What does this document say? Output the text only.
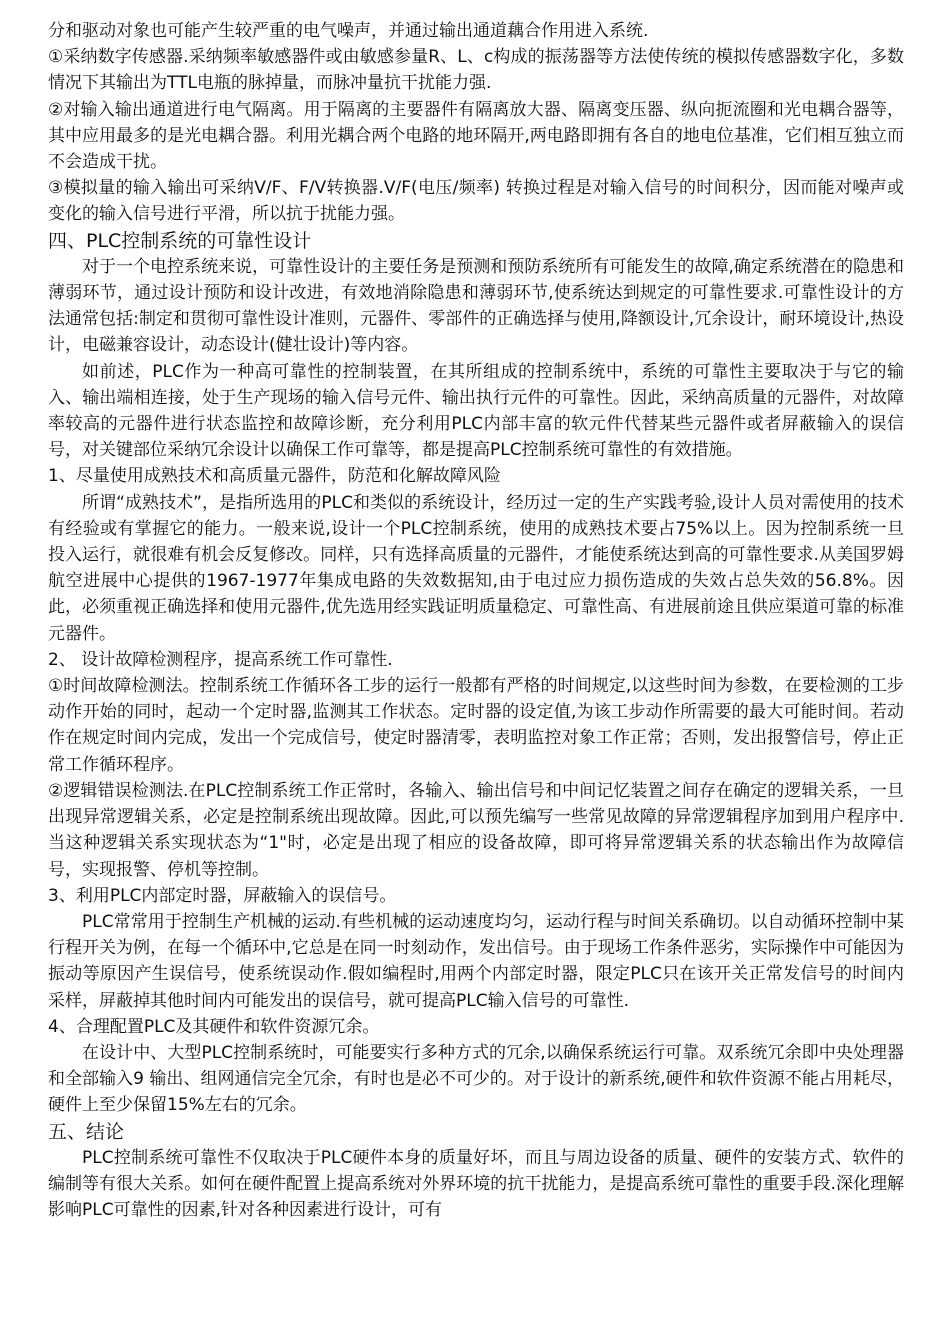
分和驱动对象也可能产生较严重的电气噪声，并通过输出通道藕合作用进入系统.

①采纳数字传感器.采纳频率敏感器件或由敏感参量R、L、c构成的振荡器等方法使传统的模拟传感器数字化，多数情况下其输出为TTL电瓶的脉掉量，而脉冲量抗干扰能力强.

②对输入输出通道进行电气隔离。用于隔离的主要器件有隔离放大器、隔离变压器、纵向扼流圈和光电耦合器等，其中应用最多的是光电耦合器。利用光耦合两个电路的地环隔开,两电路即拥有各自的地电位基准，它们相互独立而不会造成干扰。

③模拟量的输入输出可采纳V/F、F/V转换器.V/F(电压/频率) 转换过程是对输入信号的时间积分，因而能对噪声或变化的输入信号进行平滑，所以抗于扰能力强。

四、PLC控制系统的可靠性设计

对于一个电控系统来说，可靠性设计的主要任务是预测和预防系统所有可能发生的故障,确定系统潜在的隐患和薄弱环节，通过设计预防和设计改进，有效地消除隐患和薄弱环节,使系统达到规定的可靠性要求.可靠性设计的方法通常包括:制定和贯彻可靠性设计准则，元器件、零部件的正确选择与使用,降额设计,冗余设计，耐环境设计,热设计，电磁兼容设计，动态设计(健壮设计)等内容。

如前述，PLC作为一种高可靠性的控制装置，在其所组成的控制系统中，系统的可靠性主要取决于与它的输入、输出端相连接，处于生产现场的输入信号元件、输出执行元件的可靠性。因此，采纳高质量的元器件，对故障率较高的元器件进行状态监控和故障诊断，充分利用PLC内部丰富的软元件代替某些元器件或者屏蔽输入的误信号，对关键部位采纳冗余设计以确保工作可靠等，都是提高PLC控制系统可靠性的有效措施。

1、尽量使用成熟技术和高质量元器件，防范和化解故障风险

所谓“成熟技术”，是指所选用的PLC和类似的系统设计，经历过一定的生产实践考验,设计人员对需使用的技术有经验或有掌握它的能力。一般来说,设计一个PLC控制系统，使用的成熟技术要占75%以上。因为控制系统一旦投入运行，就很难有机会反复修改。同样，只有选择高质量的元器件，才能使系统达到高的可靠性要求.从美国罗姆航空进展中心提供的1967-1977年集成电路的失效数据知,由于电过应力损伤造成的失效占总失效的56.8%。因此，必须重视正确选择和使用元器件,优先选用经实践证明质量稳定、可靠性高、有进展前途且供应渠道可靠的标准元器件。

2、 设计故障检测程序，提高系统工作可靠性.

①时间故障检测法。控制系统工作循环各工步的运行一般都有严格的时间规定,以这些时间为参数，在要检测的工步动作开始的同时，起动一个定时器,监测其工作状态。定时器的设定值,为该工步动作所需要的最大可能时间。若动作在规定时间内完成，发出一个完成信号，使定时器清零，表明监控对象工作正常；否则，发出报警信号，停止正常工作循环程序。

②逻辑错误检测法.在PLC控制系统工作正常时，各输入、输出信号和中间记忆装置之间存在确定的逻辑关系，一旦出现异常逻辑关系，必定是控制系统出现故障。因此,可以预先编写一些常见故障的异常逻辑程序加到用户程序中.当这种逻辑关系实现状态为“1"时，必定是出现了相应的设备故障，即可将异常逻辑关系的状态输出作为故障信号，实现报警、停机等控制。

3、利用PLC内部定时器，屏蔽输入的误信号。

PLC常常用于控制生产机械的运动.有些机械的运动速度均匀，运动行程与时间关系确切。以自动循环控制中某行程开关为例，在每一个循环中,它总是在同一时刻动作，发出信号。由于现场工作条件恶劣，实际操作中可能因为振动等原因产生误信号，使系统误动作.假如编程时,用两个内部定时器，限定PLC只在该开关正常发信号的时间内采样，屏蔽掉其他时间内可能发出的误信号，就可提高PLC输入信号的可靠性.

4、合理配置PLC及其硬件和软件资源冗余。

在设计中、大型PLC控制系统时，可能要实行多种方式的冗余,以确保系统运行可靠。双系统冗余即中央处理器和全部输入9 输出、组网通信完全冗余，有时也是必不可少的。对于设计的新系统,硬件和软件资源不能占用耗尽，硬件上至少保留15%左右的冗余。

五、结论

PLC控制系统可靠性不仅取决于PLC硬件本身的质量好坏，而且与周边设备的质量、硬件的安装方式、软件的编制等有很大关系。如何在硬件配置上提高系统对外界环境的抗干扰能力，是提高系统可靠性的重要手段.深化理解影响PLC可靠性的因素,针对各种因素进行设计，可有
